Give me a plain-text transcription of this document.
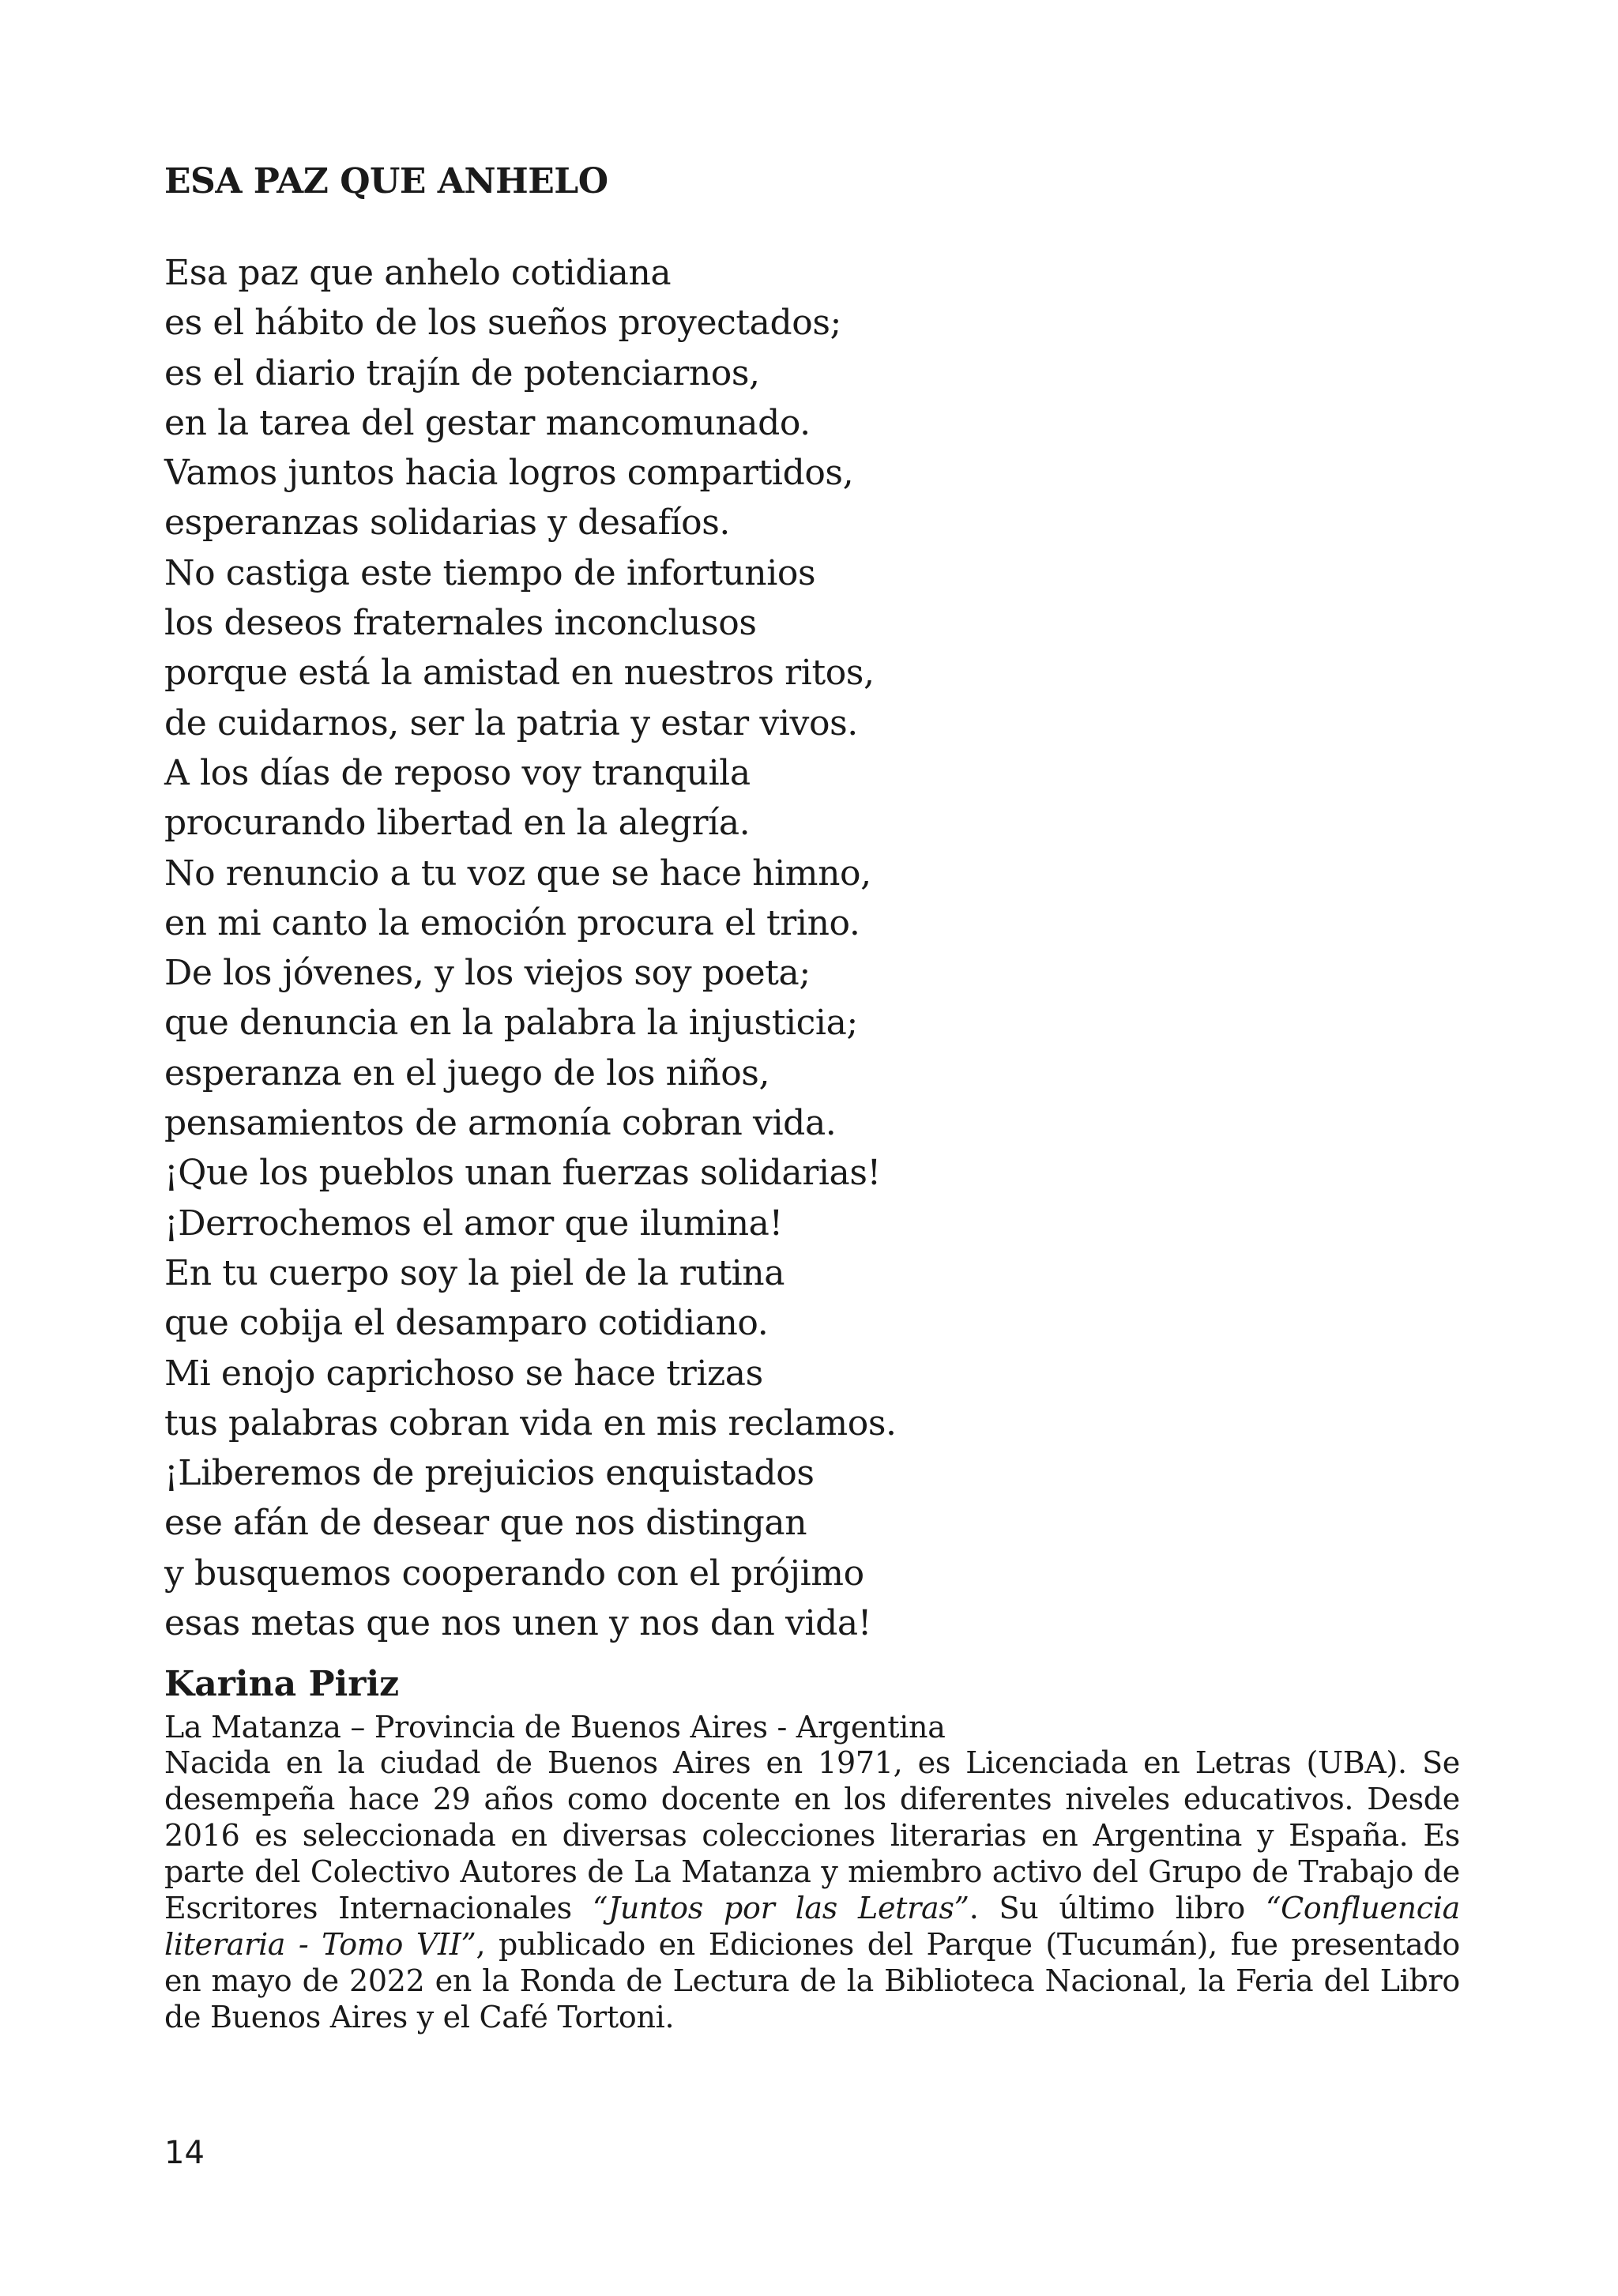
ESA PAZ QUE ANHELO
Esa paz que anhelo cotidiana
es el hábito de los sueños proyectados;
es el diario trajín de potenciarnos,
en la tarea del gestar mancomunado.
Vamos juntos hacia logros compartidos,
esperanzas solidarias y desafíos.
No castiga este tiempo de infortunios
los deseos fraternales inconclusos
porque está la amistad en nuestros ritos,
de cuidarnos, ser la patria y estar vivos.
A los días de reposo voy tranquila
procurando libertad en la alegría.
No renuncio a tu voz que se hace himno,
en mi canto la emoción procura el trino.
De los jóvenes, y los viejos soy poeta;
que denuncia en la palabra la injusticia;
esperanza en el juego de los niños,
pensamientos de armonía cobran vida.
¡Que los pueblos unan fuerzas solidarias!
¡Derrochemos el amor que ilumina!
En tu cuerpo soy la piel de la rutina
que cobija el desamparo cotidiano.
Mi enojo caprichoso se hace trizas
tus palabras cobran vida en mis reclamos.
¡Liberemos de prejuicios enquistados
ese afán de desear que nos distingan
y busquemos cooperando con el prójimo
esas metas que nos unen y nos dan vida!
Karina Piriz

La Matanza – Provincia de Buenos Aires - Argentina

Nacida en la ciudad de Buenos Aires en 1971, es Licenciada en Letras (UBA). Se desempeña hace 29 años como docente en los diferentes niveles educativos. Desde 2016 es seleccionada en diversas colecciones literarias en Argentina y España. Es parte del Colectivo Autores de La Matanza y miembro activo del Grupo de Trabajo de Escritores Internacionales “Juntos por las Letras”. Su último libro “Confluencia literaria - Tomo VII”, publicado en Ediciones del Parque (Tucumán), fue presentado en mayo de 2022 en la Ronda de Lectura de la Biblioteca Nacional, la Feria del Libro de Buenos Aires y el Café Tortoni.

14
